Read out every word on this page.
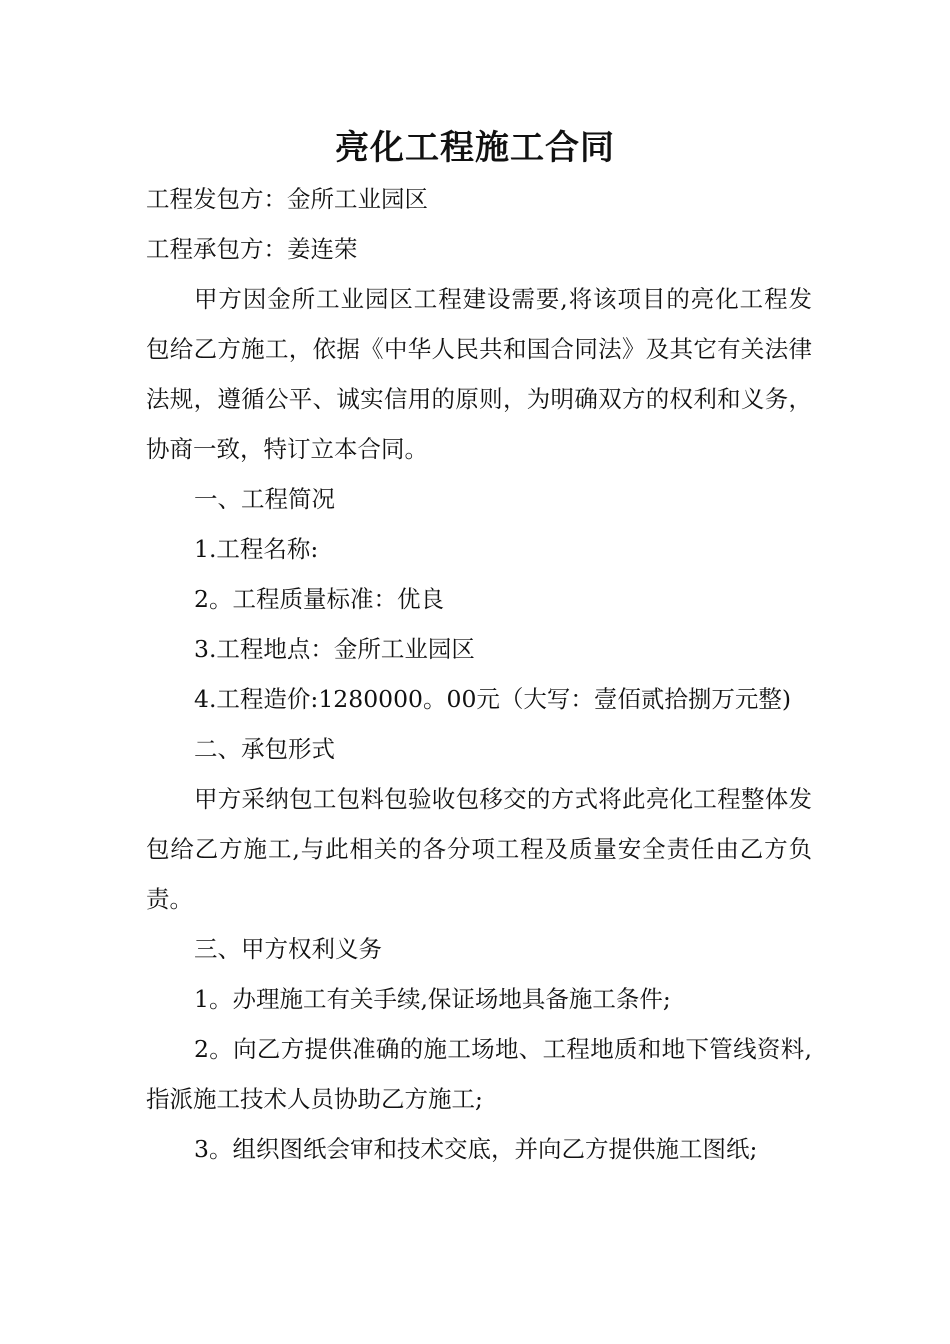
亮化工程施工合同

工程发包方：金所工业园区

工程承包方：姜连荣

甲方因金所工业园区工程建设需要,将该项目的亮化工程发包给乙方施工，依据《中华人民共和国合同法》及其它有关法律法规，遵循公平、诚实信用的原则，为明确双方的权利和义务，协商一致，特订立本合同。

一、工程简况

1.工程名称:

2。工程质量标准：优良

3.工程地点：金所工业园区

4.工程造价:1280000。00元（大写：壹佰贰拾捌万元整)

二、承包形式

甲方采纳包工包料包验收包移交的方式将此亮化工程整体发包给乙方施工,与此相关的各分项工程及质量安全责任由乙方负责。

三、甲方权利义务

1。办理施工有关手续,保证场地具备施工条件;

2。向乙方提供准确的施工场地、工程地质和地下管线资料,指派施工技术人员协助乙方施工;

3。组织图纸会审和技术交底，并向乙方提供施工图纸;
